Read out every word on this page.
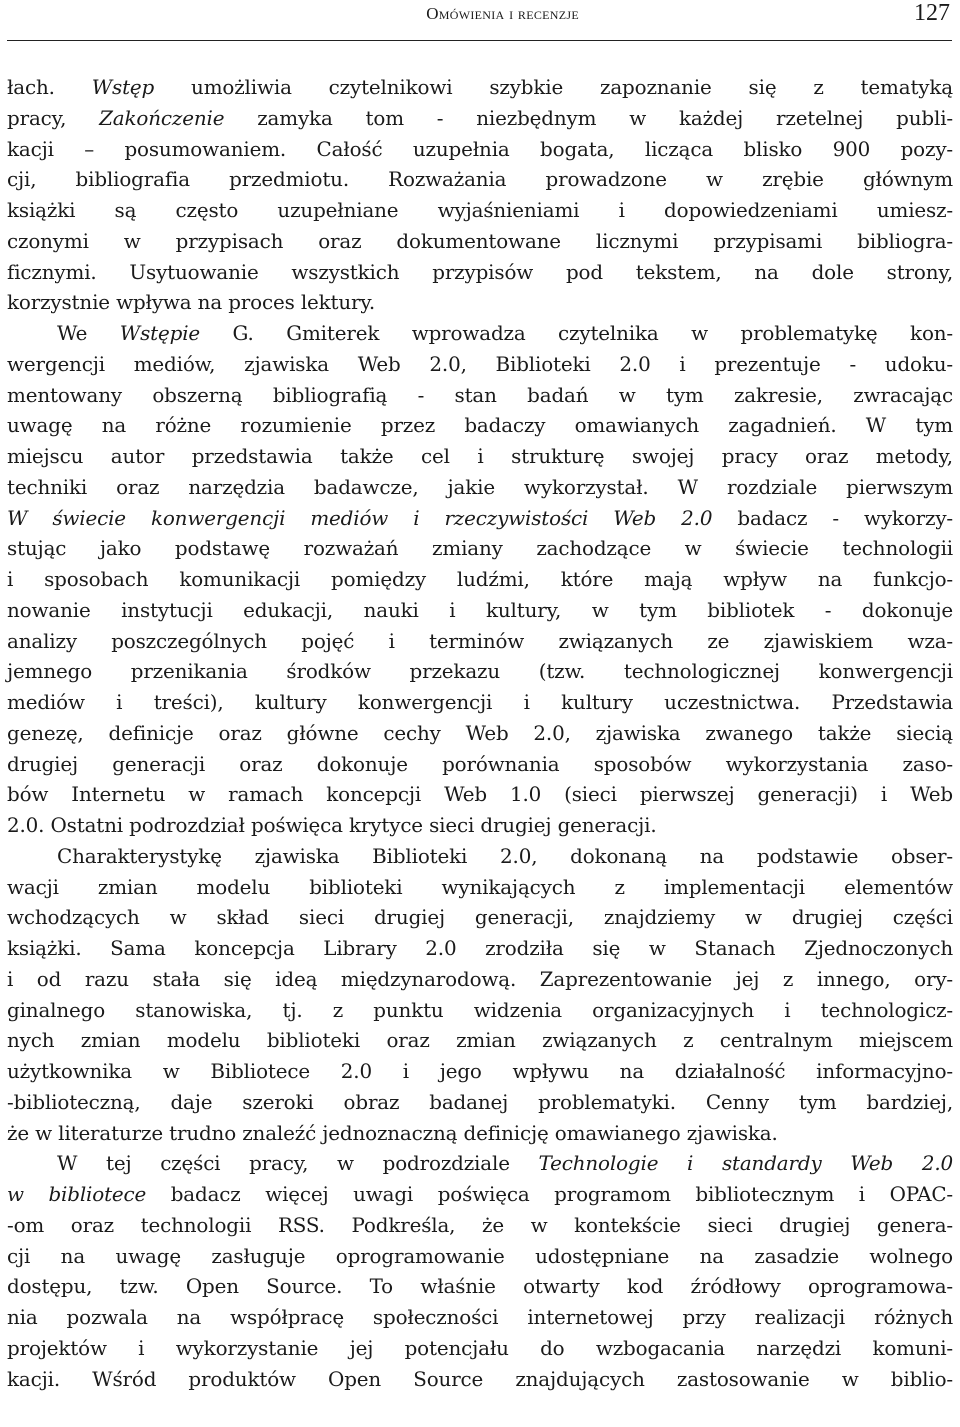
Omówienia i recenzje	127
łach. Wstęp umożliwia czytelnikowi szybkie zapoznanie się z tematyką
pracy, Zakończenie zamyka tom - niezbędnym w każdej rzetelnej publi-
kacji – posumowaniem. Całość uzupełnia bogata, licząca blisko 900 pozy-
cji, bibliografia przedmiotu. Rozważania prowadzone w zrębie głównym
książki są często uzupełniane wyjaśnieniami i dopowiedzeniami umiesz-
czonymi w przypisach oraz dokumentowane licznymi przypisami bibliogra-
ficznymi. Usytuowanie wszystkich przypisów pod tekstem, na dole strony,
korzystnie wpływa na proces lektury.
We Wstępie G. Gmiterek wprowadza czytelnika w problematykę kon-
wergencji mediów, zjawiska Web 2.0, Biblioteki 2.0 i prezentuje - udoku-
mentowany obszerną bibliografią - stan badań w tym zakresie, zwracając
uwagę na różne rozumienie przez badaczy omawianych zagadnień. W tym
miejscu autor przedstawia także cel i strukturę swojej pracy oraz metody,
techniki oraz narzędzia badawcze, jakie wykorzystał. W rozdziale pierwszym
W świecie konwergencji mediów i rzeczywistości Web 2.0 badacz - wykorzy-
stując jako podstawę rozważań zmiany zachodzące w świecie technologii
i sposobach komunikacji pomiędzy ludźmi, które mają wpływ na funkcjo-
nowanie instytucji edukacji, nauki i kultury, w tym bibliotek - dokonuje
analizy poszczególnych pojęć i terminów związanych ze zjawiskiem wza-
jemnego przenikania środków przekazu (tzw. technologicznej konwergencji
mediów i treści), kultury konwergencji i kultury uczestnictwa. Przedstawia
genezę, definicje oraz główne cechy Web 2.0, zjawiska zwanego także siecią
drugiej generacji oraz dokonuje porównania sposobów wykorzystania zaso-
bów Internetu w ramach koncepcji Web 1.0 (sieci pierwszej generacji) i Web
2.0. Ostatni podrozdział poświęca krytyce sieci drugiej generacji.
Charakterystykę zjawiska Biblioteki 2.0, dokonaną na podstawie obser-
wacji zmian modelu biblioteki wynikających z implementacji elementów
wchodzących w skład sieci drugiej generacji, znajdziemy w drugiej części
książki. Sama koncepcja Library 2.0 zrodziła się w Stanach Zjednoczonych
i od razu stała się ideą międzynarodową. Zaprezentowanie jej z innego, ory-
ginalnego stanowiska, tj. z punktu widzenia organizacyjnych i technologicz-
nych zmian modelu biblioteki oraz zmian związanych z centralnym miejscem
użytkownika w Bibliotece 2.0 i jego wpływu na działalność informacyjno-
-biblioteczną, daje szeroki obraz badanej problematyki. Cenny tym bardziej,
że w literaturze trudno znaleźć jednoznaczną definicję omawianego zjawiska.
W tej części pracy, w podrozdziale Technologie i standardy Web 2.0
w bibliotece badacz więcej uwagi poświęca programom bibliotecznym i OPAC-
-om oraz technologii RSS. Podkreśla, że w kontekście sieci drugiej genera-
cji na uwagę zasługuje oprogramowanie udostępniane na zasadzie wolnego
dostępu, tzw. Open Source. To właśnie otwarty kod źródłowy oprogramowa-
nia pozwala na współpracę społeczności internetowej przy realizacji różnych
projektów i wykorzystanie jej potencjału do wzbogacania narzędzi komuni-
kacji. Wśród produktów Open Source znajdujących zastosowanie w biblio-
